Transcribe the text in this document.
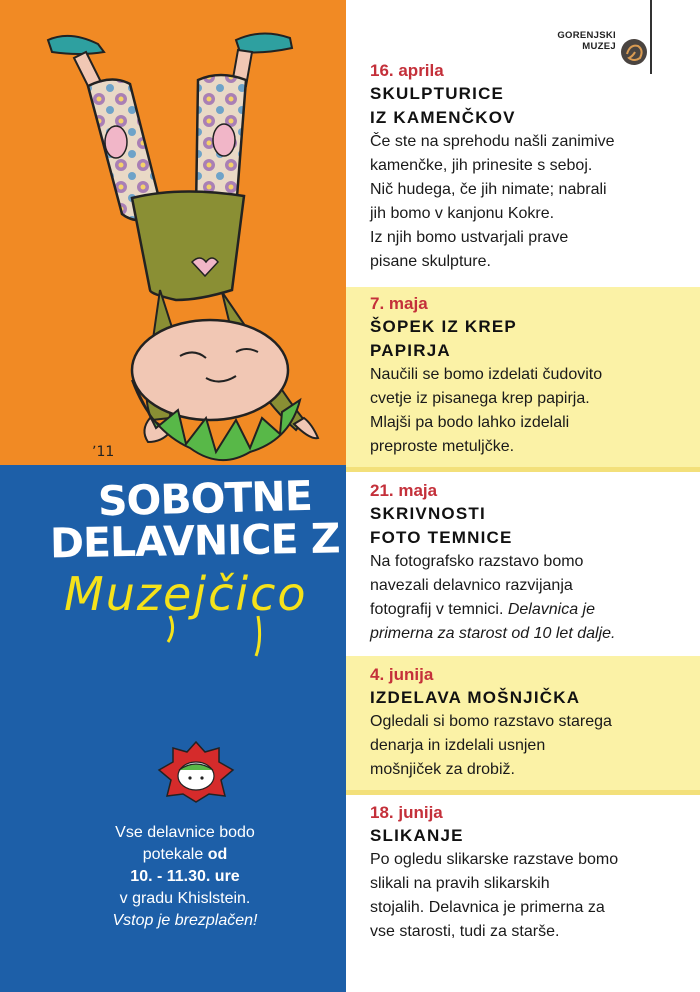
ʼ11
SOBOTNE
DELAVNICE Z
Muzejčico
Vse delavnice bodo
potekale od
10. - 11.30. ure
v gradu Khislstein.
Vstop je brezplačen!
GORENJSKI
MUZEJ
16. aprila
SKULPTURICE
IZ KAMENČKOV
Če ste na sprehodu našli zanimive
kamenčke, jih prinesite s seboj.
Nič hudega, če jih nimate; nabrali
jih bomo v kanjonu Kokre.
Iz njih bomo ustvarjali prave
pisane skulpture.
7. maja
ŠOPEK IZ KREP
PAPIRJA
Naučili se bomo izdelati čudovito
cvetje iz pisanega krep papirja.
Mlajši pa bodo lahko izdelali
preproste metuljčke.
21. maja
SKRIVNOSTI
FOTO TEMNICE
Na fotografsko razstavo bomo
navezali delavnico razvijanja
fotografij v temnici. Delavnica je
primerna za starost od 10 let dalje.
4. junija
IZDELAVA MOŠNJIČKA
Ogledali si bomo razstavo starega
denarja in izdelali usnjen
mošnjiček za drobiž.
18. junija
SLIKANJE
Po ogledu slikarske razstave bomo
slikali na pravih slikarskih
stojalih. Delavnica je primerna za
vse starosti, tudi za starše.
